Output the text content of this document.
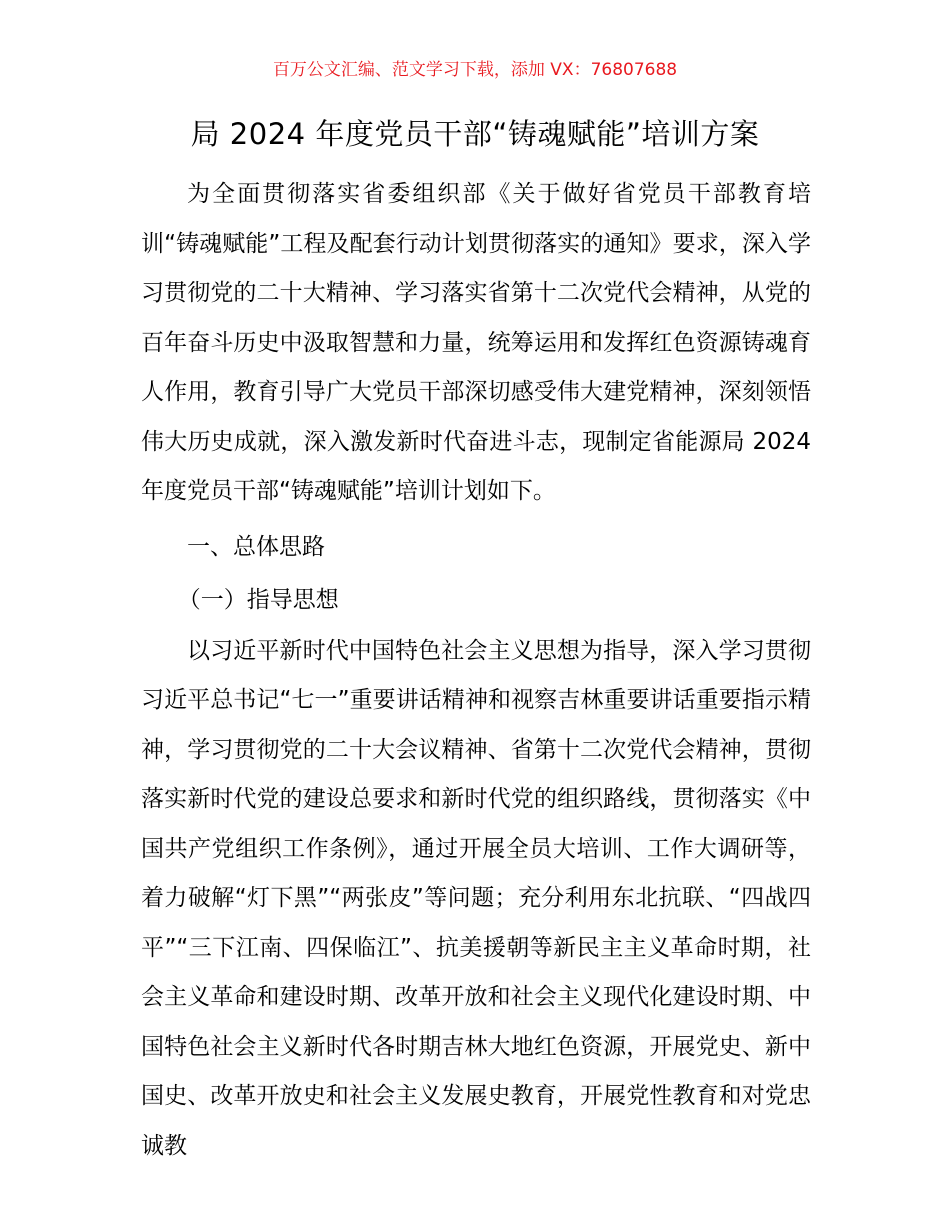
百万公文汇编、范文学习下载，添加 VX：76807688
局 2024 年度党员干部“铸魂赋能”培训方案

为全面贯彻落实省委组织部《关于做好省党员干部教育培训“铸魂赋能”工程及配套行动计划贯彻落实的通知》要求，深入学习贯彻党的二十大精神、学习落实省第十二次党代会精神，从党的百年奋斗历史中汲取智慧和力量，统筹运用和发挥红色资源铸魂育人作用，教育引导广大党员干部深切感受伟大建党精神，深刻领悟伟大历史成就，深入激发新时代奋进斗志，现制定省能源局 2024 年度党员干部“铸魂赋能”培训计划如下。

一、总体思路

（一）指导思想

以习近平新时代中国特色社会主义思想为指导，深入学习贯彻习近平总书记“七一”重要讲话精神和视察吉林重要讲话重要指示精神，学习贯彻党的二十大会议精神、省第十二次党代会精神，贯彻落实新时代党的建设总要求和新时代党的组织路线，贯彻落实《中国共产党组织工作条例》，通过开展全员大培训、工作大调研等，着力破解“灯下黑”“两张皮”等问题；充分利用东北抗联、“四战四平”“三下江南、四保临江”、抗美援朝等新民主主义革命时期，社会主义革命和建设时期、改革开放和社会主义现代化建设时期、中国特色社会主义新时代各时期吉林大地红色资源，开展党史、新中国史、改革开放史和社会主义发展史教育，开展党性教育和对党忠诚教
